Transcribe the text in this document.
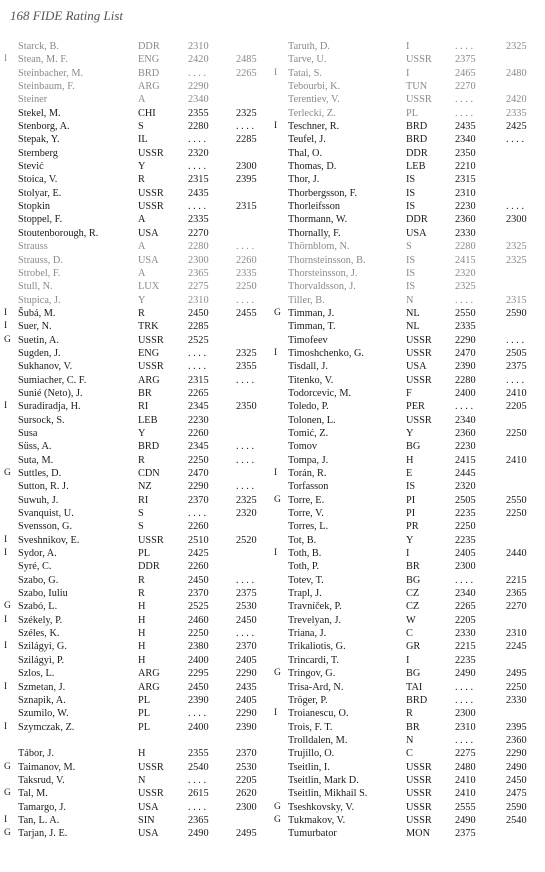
168 FIDE Rating List
Starck, B.	DDR	2310
I	Stean, M. F.	ENG	2420	2485
Steinbacher, M.	BRD	. . . .	2265
Steinbaum, F.	ARG	2290
Steiner	A	2340
Stekel, M.	CHI	2355	2325
Stenborg, A.	S	2280	. . . .
Stepak, Y.	IL	. . . .	2285
Sternberg	USSR 2320
Stević	Y	. . . .	2300
Stoica, V.	R	2315	2395
Stolyar, E.	USSR 2435
Stopkin	USSR . . . .	2315
Stoppel, F.	A	2335
Stoutenborough, R.	USA	2270
Strauss	A	2280	. . . .
Strauss, D.	USA	2300	2260
Strobel, F.	A	2365	2335
Stull, N.	LUX	2275	2250
Stupica, J.	Y	2310	. . . .
I	Šubá, M.	R	2450	2455
I	Suer, N.	TRK	2285
G Suetin, A.	USSR 2525
Sugden, J.	ENG	. . . .	2325
Sukhanov, V.	USSR . . . .	2355
Sumiacher, C. F.	ARG	2315	. . . .
Sunié (Neto), J.	BR	2265
I	Suradiradja, H.	RI	2345	2350
Sursock, S.	LEB	2230
Susa	Y	2260
Süss, A.	BRD	2345	. . . .
Suta, M.	R	2250	. . . .
G Suttles, D.	CDN	2470
Sutton, R. J.	NZ	2290	. . . .
Suwuh, J.	RI	2370	2325
Svanquist, U.	S	. . . .	2320
Svensson, G.	S	2260
I	Sveshnikov, E.	USSR 2510	2520
I	Sydor, A.	PL	2425
Syré, C.	DDR	2260
Szabo, G.	R	2450	. . . .
Szabo, Iuliu	R	2370	2375
G Szabó, L.	H	2525	2530
I	Székely, P.	H	2460	2450
Széles, K.	H	2250	. . . .
I	Szilágyi, G.	H	2380	2370
Szilágyi, P.	H	2400	2405
Szlos, L.	ARG	2295	2290
I	Szmetan, J.	ARG	2450	2435
Sznapik, A.	PL	2390	2405
Szumilo, W.	PL	. . . .	2290
I	Szymczak, Z.	PL	2400	2390
Tábor, J.	H	2355	2370
G Taimanov, M.	USSR 2540	2530
Taksrud, V.	N	. . . .	2205
G Tal, M.	USSR 2615	2620
Tamargo, J.	USA	. . . .	2300
I	Tan, L. A.	SIN	2365
G Tarjan, J. E.	USA	2490	2495
Taruth, D.	I	. . . .	2325
Tarve, U.	USSR 2375
I	Tatai, S.	I	2465	2480
Tebourbi, K.	TUN	2270
Terentiev, V.	USSR . . . .	2420
Terlecki, Z.	PL	. . . .	2335
I	Teschner, R.	BRD	2435	2425
Teufel, J.	BRD	2340	. . . .
Thal, O.	DDR	2350
Thomas, D.	LEB	2210
Thor, J.	IS	2315
Thorbergsson, F.	IS	2310
Thorleifsson	IS	2230	. . . .
Thormann, W.	DDR	2360	2300
Thornally, F.	USA	2330
Thörnblom, N.	S	2280	2325
Thornsteinsson, B.	IS	2415	2325
Thorsteinsson, J.	IS	2320
Thorvaldsson, J.	IS	2325
Tiller, B.	N	. . . .	2315
G Timman, J.	NL	2550	2590
Timman, T.	NL	2335
Timofeev	USSR 2290	. . . .
I	Timoshchenko, G.	USSR 2470	2505
Tisdall, J.	USA	2390	2375
Titenko, V.	USSR 2280	. . . .
Todorcevic, M.	F	2400	2410
Toledo, P.	PER	. . . .	2205
Tolonen, L.	USSR 2340
Tomić, Z.	Y	2360	2250
Tomov	BG	2230
Tompa, J.	H	2415	2410
I	Torán, R.	E	2445
Torfasson	IS	2320
G Torre, E.	PI	2505	2550
Torre, V.	PI	2235	2250
Torres, L.	PR	2250
Tot, B.	Y	2235
I	Toth, B.	I	2405	2440
Toth, P.	BR	2300
Totev, T.	BG	. . . .	2215
Trapl, J.	CZ	2340	2365
Travníček, P.	CZ	2265	2270
Trevelyan, J.	W	2205
Triana, J.	C	2330	2310
Trikaliotis, G.	GR	2215	2245
Trincardi, T.	I	2235
G Tringov, G.	BG	2490	2495
Trisa-Ard, N.	TAI	. . . .	2250
Tröger, P.	BRD	. . . .	2330
I	Troianescu, O.	R	2300
Trois, F. T.	BR	2310	2395
Trolldalen, M.	N	. . . .	2360
Trujillo, O.	C	2275	2290
Tseitlin, I.	USSR 2480	2490
Tseitlin, Mark D.	USSR 2410	2450
Tseitlin, Mikhail S.	USSR 2410	2475
G Tseshkovsky, V.	USSR 2555	2590
G Tukmakov, V.	USSR 2490	2540
Tumurbator	MON 2375
